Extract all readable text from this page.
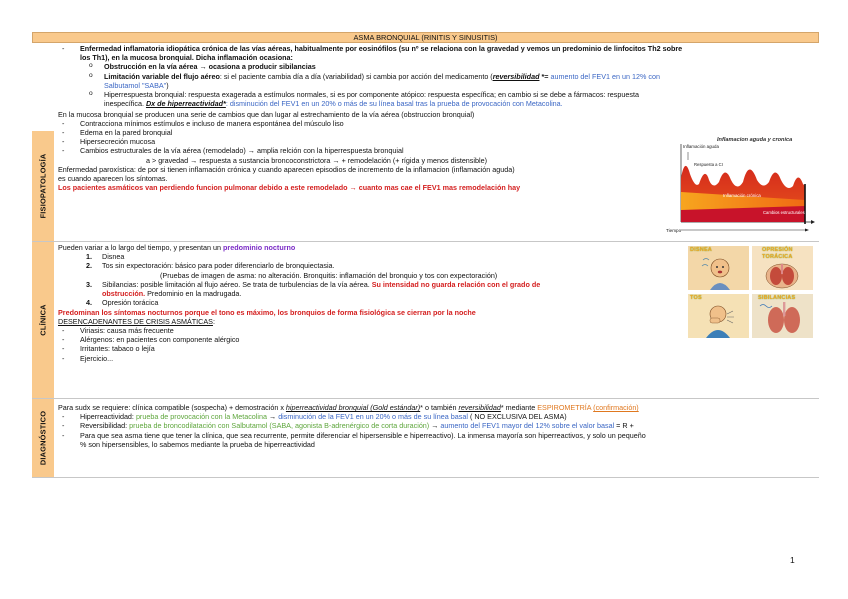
ASMA BRONQUIAL (RINITIS Y SINUSITIS)
FISIOPATOLOGÍA
- Enfermedad inflamatoria idiopática crónica de las vías aéreas, habitualmente por eosinófilos (su nº se relaciona con la gravedad y vemos un predominio de linfocitos Th2 sobre
los Th1), en la mucosa bronquial. Dicha inflamación ocasiona:
o Obstrucción en la vía aérea → ocasiona a producir sibilancias
o Limitación variable del flujo aéreo: si el paciente cambia día a día (variabilidad) si cambia por acción del medicamento (reversibilidad *= aumento del FEV1 en un 12% con
Salbutamol "SABA")
o Hiperrespuesta bronquial: respuesta exagerada a estímulos normales, si es por componente atópico: respuesta específica; en cambio si se debe a fármacos: respuesta
inespecífica. Dx de hiperreactividad*: disminución del FEV1 en un 20% o más de su línea basal tras la prueba de provocación con Metacolina.
En la mucosa bronquial se producen una serie de cambios que dan lugar al estrechamiento de la vía aérea (obstruccion bronquial)
- Contracciona mínimos estímulos e incluso de manera espontánea del músculo liso
- Edema en la pared bronquial
- Hipersecreción mucosa
- Cambios estructurales de la vía aérea (remodelado) → amplia relción con la hiperrespuesta bronquial
a > gravedad → respuesta a sustancia broncoconstrictora → + remodelación (+ rígida y menos distensible)
Enfermedad paroxística: de por si tienen inflamación crónica y cuando aparecen episodios de incremento de la inflamacion (inflamación aguda)
es cuando aparecen los síntomas.
Los pacientes asmáticos van perdiendo funcion pulmonar debido a este remodelado → cuanto mas cae el FEV1 mas remodelación hay
Inflamacion aguda y cronica
Inflamación aguda
Respuesta a CI
Inflamación crónica
Cambios estructurales
Tiempo
CLÍNICA
Pueden variar a lo largo del tiempo, y presentan un predominio nocturno
1. Disnea
2. Tos sin expectoración: básico para poder diferenciarlo de bronquiectasia.
(Pruebas de imagen de asma: no alteración. Bronquitis: inflamación del bronquio y tos con expectoración)
3. Sibilancias: posible limitación al flujo aéreo. Se trata de turbulencias de la vía aérea. Su intensidad no guarda relación con el grado de
obstrucción. Predominio en la madrugada.
4. Opresión torácica
Predominan los síntomas nocturnos porque el tono es máximo, los bronquios de forma fisiológica se cierran por la noche
DESENCADENANTES DE CRISIS ASMÁTICAS:
- Viriasis: causa más frecuente
- Alérgenos: en pacientes con componente alérgico
- Irritantes: tabaco o lejía
- Ejercicio...
DISNEA	OPRESIÓN TORÁCICA
TOS	SIBILANCIAS
DIAGNÓSTICO
Para sudx se requiere: clínica compatible (sospecha) + demostración x hiperreactividad bronquial (Gold estándar)* o también reversibilidad* mediante ESPIROMETRÍA (confirmación)
- Hiperreactividad: prueba de provocación con la Metacolina → disminución de la FEV1 en un 20% o más de su línea basal ( NO EXCLUSIVA DEL ASMA)
- Reversibilidad: prueba de broncodilatación con Salbutamol (SABA, agonista B-adrenérgico de corta duración) → aumento del FEV1 mayor del 12% sobre el valor basal = R +
- Para que sea asma tiene que tener la clínica, que sea recurrente, permite diferenciar el hipersensible e hiperreactivo). La inmensa mayoría son hiperreactivos, y solo un pequeño
% son hipersensibles, lo sabemos mediante la prueba de hiperreactividad
1
